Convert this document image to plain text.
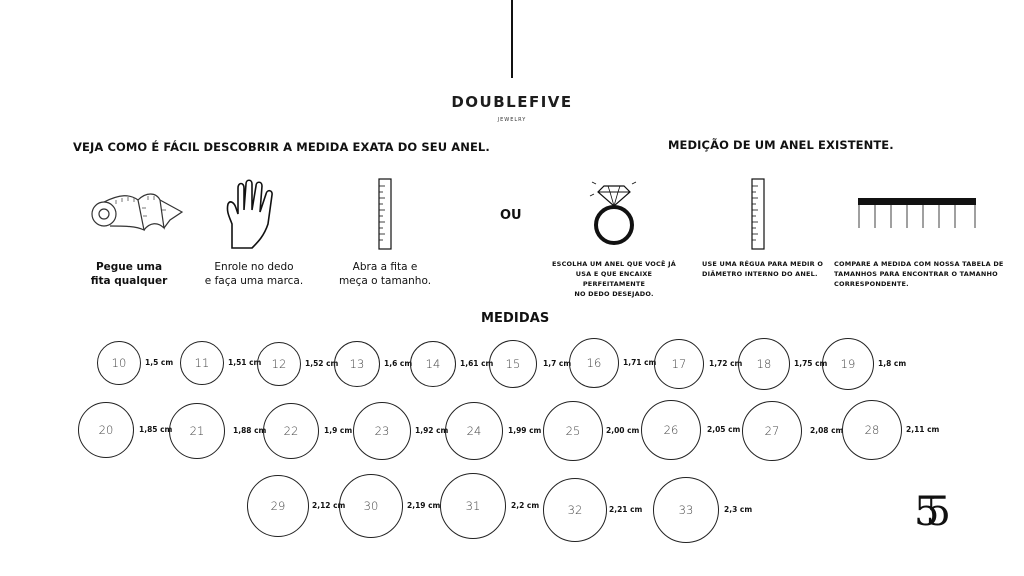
DOUBLEFIVE
JEWELRY
VEJA COMO É FÁCIL DESCOBRIR A MEDIDA EXATA DO SEU ANEL.
Pegue uma
fita qualquer
Enrole no dedo
e faça uma marca.
Abra a fita e
meça o tamanho.
OU
MEDIÇÃO DE UM ANEL EXISTENTE.
ESCOLHA UM ANEL QUE VOCÊ JÁ
USA E QUE ENCAIXE PERFEITAMENTE
NO DEDO DESEJADO.
USE UMA RÉGUA PARA MEDIR O
DIÂMETRO INTERNO DO ANEL.
COMPARE A MEDIDA COM NOSSA TABELA DE
TAMANHOS PARA ENCONTRAR O TAMANHO
CORRESPONDENTE.
MEDIDAS
10 1,5 cm 11 1,51 cm 12 1,52 cm 13	1,6 cm 14	1,61 cm 15	1,7 cm 16	1,71 cm 17	1,72 cm 18	1,75 cm 19	1,8 cm
20	1,85 cm 21	1,88 cm 22	1,9 cm 23	1,92 cm 24	1,99 cm 25	2,00 cm 26	2,05 cm 27	2,08 cm 28	2,11 cm
29	2,12 cm 30	2,19 cm 31	2,2 cm 32	2,21 cm	33	2,3 cm	55
